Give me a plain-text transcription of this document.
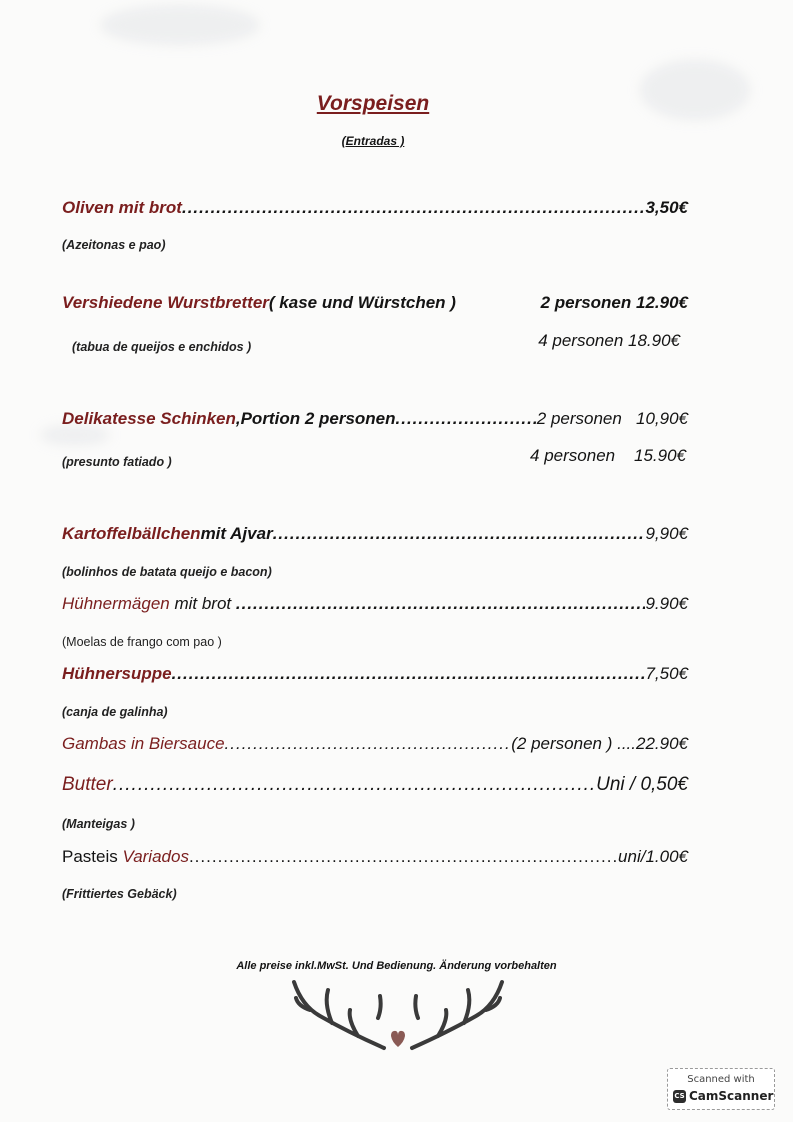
Vorspeisen
(Entradas )
Oliven mit brot .....	3,50€
(Azeitonas e pao)
Vershiedene Wurstbretter ( kase und Würstchen )	2 personen 12.90€
(tabua de queijos e enchidos )	4 personen 18.90€
Delikatesse Schinken ,Portion 2 personen .....	2 personen   10,90€
(presunto fatiado )	4 personen    15.90€
Kartoffelbällchen mit Ajvar .....	9,90€
(bolinhos de batata queijo e bacon)
Hühnermägen mit brot .....	9.90€
(Moelas de frango com pao )
Hühnersuppe .....	7,50€
(canja de galinha)
Gambas in Biersauce .....	(2 personen ) ....22.90€
Butter .....	Uni / 0,50€
(Manteigas )
Pasteis Variados .....	uni/1.00€
(Frittiertes Gebäck)
Alle preise inkl.MwSt. Und Bedienung. Änderung vorbehalten
Scanned with
CS CamScanner
